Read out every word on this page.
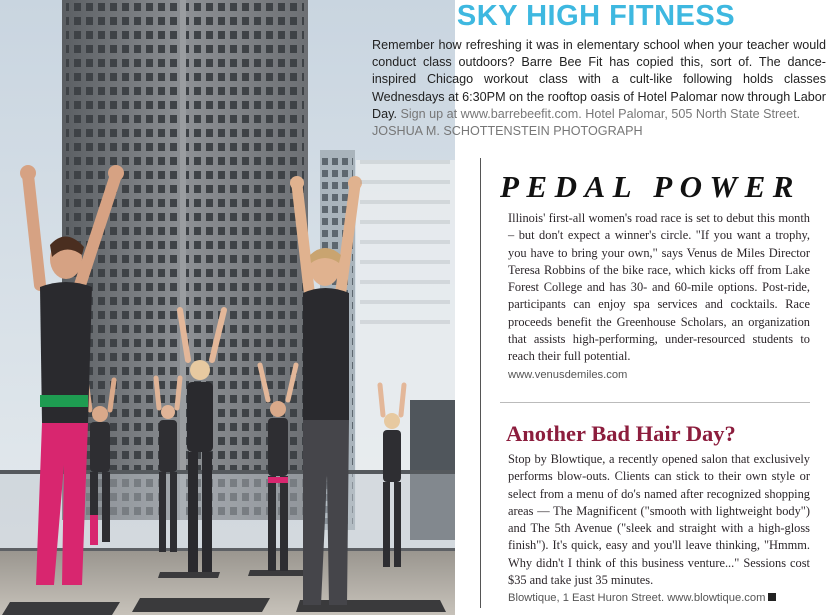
SKY HIGH FITNESS

Remember how refreshing it was in elementary school when your teacher would conduct class outdoors? Barre Bee Fit has copied this, sort of. The dance-inspired Chicago workout class with a cult-like following holds classes Wednesdays at 6:30PM on the rooftop oasis of Hotel Palomar now through Labor Day. Sign up at www.barrebeefit.com. Hotel Palomar, 505 North State Street.

JOSHUA M. SCHOTTENSTEIN PHOTOGRAPH

PEDAL POWER

Illinois' first-all women's road race is set to debut this month – but don't expect a winner's circle. "If you want a trophy, you have to bring your own," says Venus de Miles Director Teresa Robbins of the bike race, which kicks off from Lake Forest College and has 30- and 60-mile options. Post-ride, participants can enjoy spa services and cocktails. Race proceeds benefit the Greenhouse Scholars, an organization that assists high-performing, under-resourced students to reach their full potential.
www.venusdemiles.com

Another Bad Hair Day?

Stop by Blowtique, a recently opened salon that exclusively performs blow-outs. Clients can stick to their own style or select from a menu of do's named after recognized shopping areas — The Magnificent ("smooth with lightweight body") and The 5th Avenue ("sleek and straight with a high-gloss finish"). It's quick, easy and you'll leave thinking, "Hmmm. Why didn't I think of this business venture..." Sessions cost $35 and take just 35 minutes.
Blowtique, 1 East Huron Street. www.blowtique.com
